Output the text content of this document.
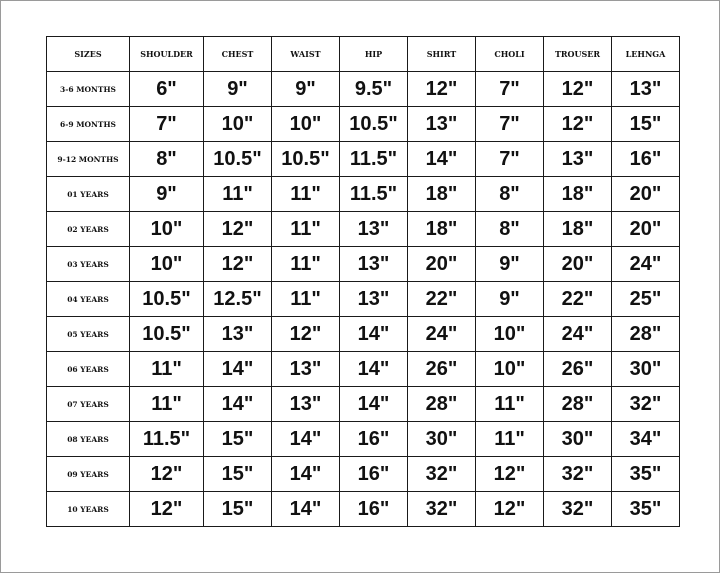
SIZES	SHOULDER	CHEST	WAIST	HIP	SHIRT	CHOLI	TROUSER	LEHNGA
3-6 MONTHS	6"	9"	9"	9.5"	12"	7"	12"	13"
6-9 MONTHS	7"	10"	10"	10.5"	13"	7"	12"	15"
9-12 MONTHS	8"	10.5"	10.5"	11.5"	14"	7"	13"	16"
01 YEARS	9"	11"	11"	11.5"	18"	8"	18"	20"
02 YEARS	10"	12"	11"	13"	18"	8"	18"	20"
03 YEARS	10"	12"	11"	13"	20"	9"	20"	24"
04 YEARS	10.5"	12.5"	11"	13"	22"	9"	22"	25"
05 YEARS	10.5"	13"	12"	14"	24"	10"	24"	28"
06 YEARS	11"	14"	13"	14"	26"	10"	26"	30"
07 YEARS	11"	14"	13"	14"	28"	11"	28"	32"
08 YEARS	11.5"	15"	14"	16"	30"	11"	30"	34"
09 YEARS	12"	15"	14"	16"	32"	12"	32"	35"
10 YEARS	12"	15"	14"	16"	32"	12"	32"	35"
